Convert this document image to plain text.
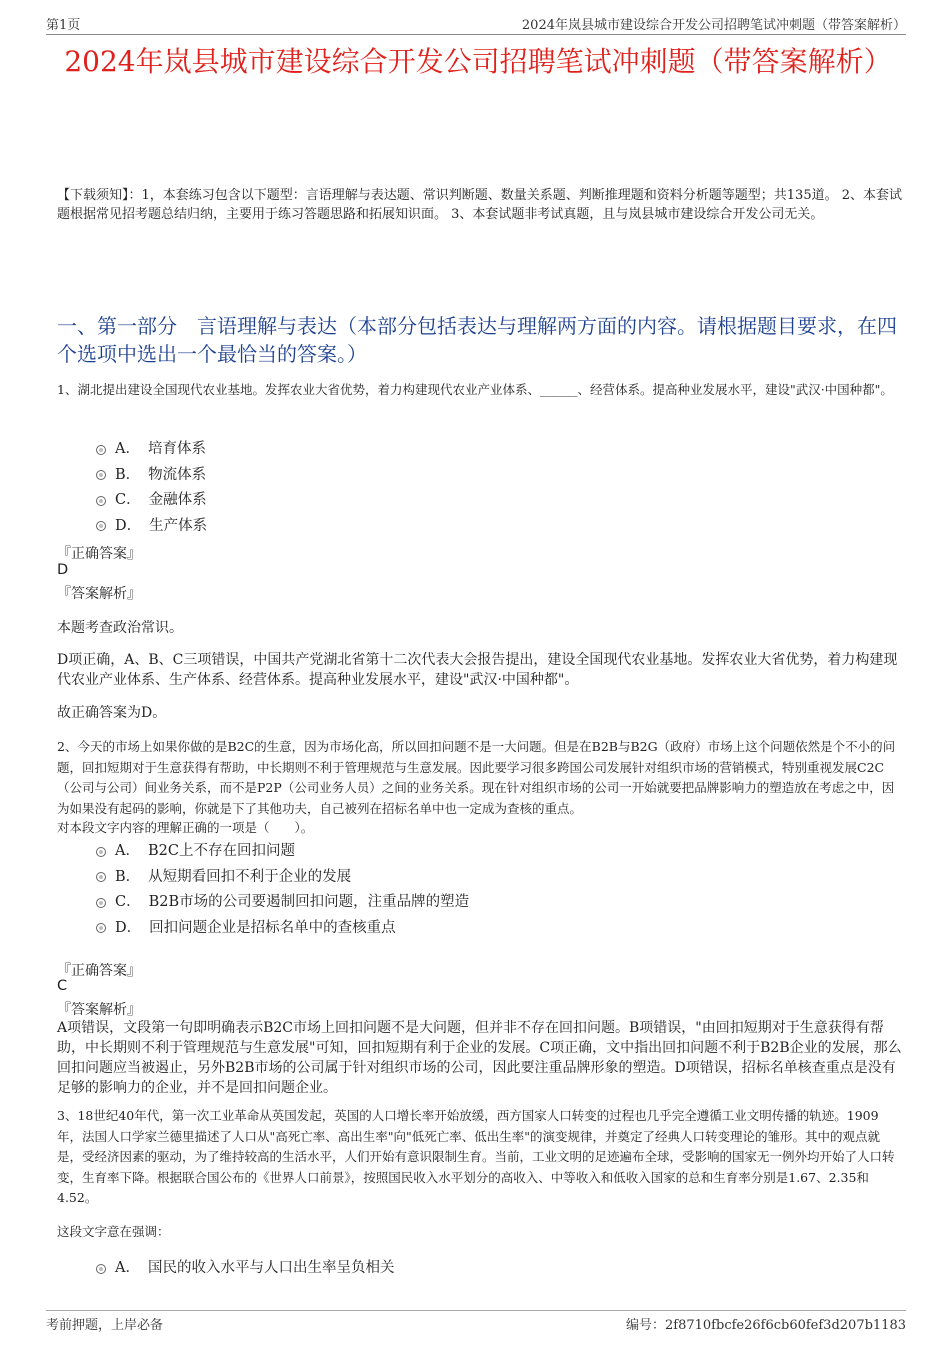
第1页	2024年岚县城市建设综合开发公司招聘笔试冲刺题（带答案解析）
2024年岚县城市建设综合开发公司招聘笔试冲刺题（带答案解析）
【下载须知】：1，本套练习包含以下题型：言语理解与表达题、常识判断题、数量关系题、判断推理题和资料分析题等题型；共135道。 2、本套试题根据常见招考题总结归纳，主要用于练习答题思路和拓展知识面。 3、本套试题非考试真题，且与岚县城市建设综合开发公司无关。
一、第一部分　言语理解与表达（本部分包括表达与理解两方面的内容。请根据题目要求，在四个选项中选出一个最恰当的答案。）
1、湖北提出建设全国现代农业基地。发挥农业大省优势，着力构建现代农业产业体系、______、经营体系。提高种业发展水平，建设"武汉·中国种都"。
A． 培育体系
B． 物流体系
C． 金融体系
D． 生产体系
『正确答案』
D
『答案解析』
本题考查政治常识。
D项正确，A、B、C三项错误，中国共产党湖北省第十二次代表大会报告提出，建设全国现代农业基地。发挥农业大省优势，着力构建现代农业产业体系、生产体系、经营体系。提高种业发展水平，建设"武汉·中国种都"。
故正确答案为D。
2、今天的市场上如果你做的是B2C的生意，因为市场化高，所以回扣问题不是一大问题。但是在B2B与B2G（政府）市场上这个问题依然是个不小的问题，回扣短期对于生意获得有帮助，中长期则不利于管理规范与生意发展。因此要学习很多跨国公司发展针对组织市场的营销模式，特别重视发展C2C（公司与公司）间业务关系，而不是P2P（公司业务人员）之间的业务关系。现在针对组织市场的公司一开始就要把品牌影响力的塑造放在考虑之中，因为如果没有起码的影响，你就是下了其他功夫，自己被列在招标名单中也一定成为查核的重点。
对本段文字内容的理解正确的一项是（　　）。
A． B2C上不存在回扣问题
B． 从短期看回扣不利于企业的发展
C． B2B市场的公司要遏制回扣问题，注重品牌的塑造
D． 回扣问题企业是招标名单中的查核重点
『正确答案』
C
『答案解析』
A项错误，文段第一句即明确表示B2C市场上回扣问题不是大问题，但并非不存在回扣问题。B项错误，"由回扣短期对于生意获得有帮助，中长期则不利于管理规范与生意发展"可知，回扣短期有利于企业的发展。C项正确，文中指出回扣问题不利于B2B企业的发展，那么回扣问题应当被遏止，另外B2B市场的公司属于针对组织市场的公司，因此要注重品牌形象的塑造。D项错误，招标名单核查重点是没有足够的影响力的企业，并不是回扣问题企业。
3、18世纪40年代，第一次工业革命从英国发起，英国的人口增长率开始放缓，西方国家人口转变的过程也几乎完全遵循工业文明传播的轨迹。1909年，法国人口学家兰德里描述了人口从"高死亡率、高出生率"向"低死亡率、低出生率"的演变规律，并奠定了经典人口转变理论的雏形。其中的观点就是，受经济因素的驱动，为了维持较高的生活水平，人们开始有意识限制生育。当前，工业文明的足迹遍布全球，受影响的国家无一例外均开始了人口转变，生育率下降。根据联合国公布的《世界人口前景》，按照国民收入水平划分的高收入、中等收入和低收入国家的总和生育率分别是1.67、2.35和4.52。
这段文字意在强调：
A． 国民的收入水平与人口出生率呈负相关
考前押题，上岸必备	编号：2f8710fbcfe26f6cb60fef3d207b1183
